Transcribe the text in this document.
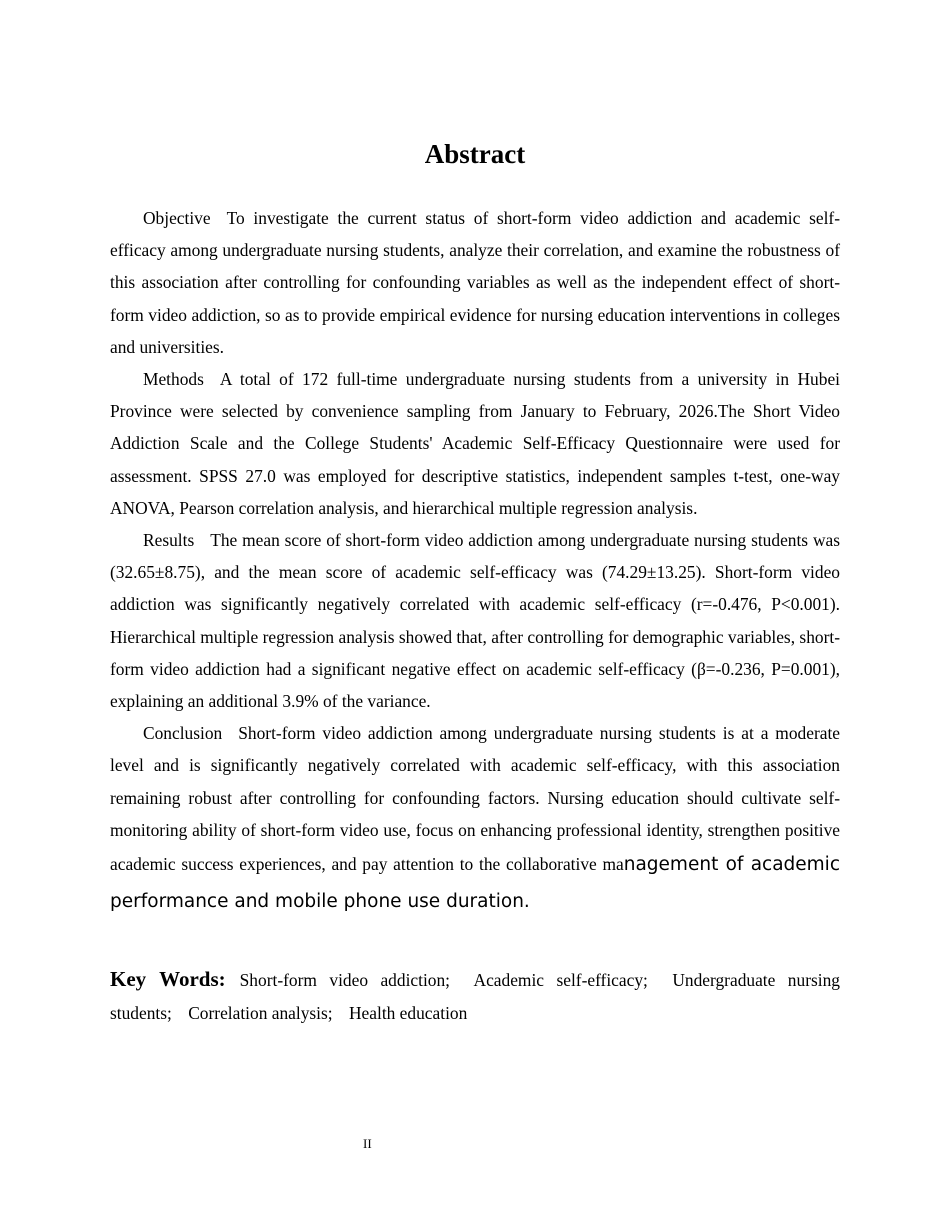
Abstract

Objective To investigate the current status of short-form video addiction and academic self-efficacy among undergraduate nursing students, analyze their correlation, and examine the robustness of this association after controlling for confounding variables as well as the independent effect of short-form video addiction, so as to provide empirical evidence for nursing education interventions in colleges and universities.

Methods A total of 172 full-time undergraduate nursing students from a university in Hubei Province were selected by convenience sampling from January to February, 2026.The Short Video Addiction Scale and the College Students' Academic Self-Efficacy Questionnaire were used for assessment. SPSS 27.0 was employed for descriptive statistics, independent samples t-test, one-way ANOVA, Pearson correlation analysis, and hierarchical multiple regression analysis.

Results The mean score of short-form video addiction among undergraduate nursing students was (32.65±8.75), and the mean score of academic self-efficacy was (74.29±13.25). Short-form video addiction was significantly negatively correlated with academic self-efficacy (r=-0.476, P<0.001). Hierarchical multiple regression analysis showed that, after controlling for demographic variables, short-form video addiction had a significant negative effect on academic self-efficacy (β=-0.236, P=0.001), explaining an additional 3.9% of the variance.

Conclusion Short-form video addiction among undergraduate nursing students is at a moderate level and is significantly negatively correlated with academic self-efficacy, with this association remaining robust after controlling for confounding factors. Nursing education should cultivate self-monitoring ability of short-form video use, focus on enhancing professional identity, strengthen positive academic success experiences, and pay attention to the collaborative management of academic performance and mobile phone use duration.

Key Words: Short-form video addiction; Academic self-efficacy; Undergraduate nursing students; Correlation analysis; Health education

II
